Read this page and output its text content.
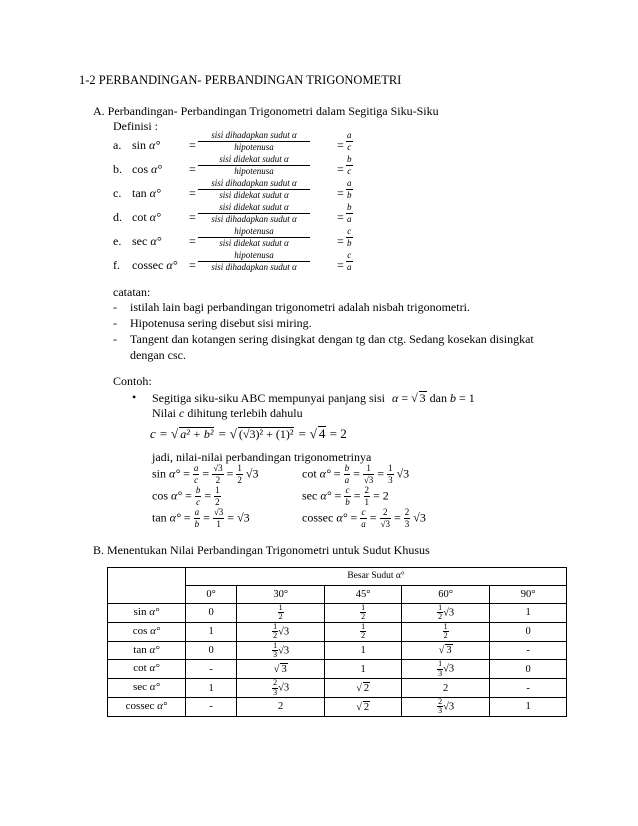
1-2 PERBANDINGAN- PERBANDINGAN TRIGONOMETRI
A. Perbandingan- Perbandingan Trigonometri dalam Segitiga Siku-Siku
Definisi :
a. $\sin \alpha^\circ = \frac{\text{sisi dihadapkan sudut α}}{\text{hipotenusa}} = \frac{a}{c}$
b. $\cos \alpha^\circ = \frac{\text{sisi didekat sudut α}}{\text{hipotenusa}} = \frac{b}{c}$
c. $\tan \alpha^\circ = \frac{\text{sisi dihadapkan sudut α}}{\text{sisi didekat sudut α}} = \frac{a}{b}$
d. $\cot \alpha^\circ = \frac{\text{sisi didekat sudut α}}{\text{sisi dihadapkan sudut α}} = \frac{b}{a}$
e. $\sec \alpha^\circ = \frac{\text{hipotenusa}}{\text{sisi didekat sudut α}} = \frac{c}{b}$
f. cossec $\alpha^\circ = \frac{\text{hipotenusa}}{\text{sisi dihadapkan sudut α}} = \frac{c}{a}$
catatan:
- istilah lain bagi perbandingan trigonometri adalah nisbah trigonometri.
- Hipotenusa sering disebut sisi miring.
- Tangent dan kotangen sering disingkat dengan tg dan ctg. Sedang kosekan disingkat
dengan csc.
Contoh:
• Segitiga siku-siku ABC mempunyai panjang sisi α = √ 3 dan b = 1
Nilai c dihitung terlebih dahulu
c = √ a² + b² = √ (√3)² + (1)² = √ 4 = 2
jadi, nilai-nilai perbandingan trigonometrinya
$\sin \alpha^\circ = \frac{a}{c} = \frac{√3}{2} = \frac{1}{2} √3$	$\cot \alpha^\circ = \frac{b}{a} = \frac{1}{√3} = \frac{1}{3} √3$
$\cos \alpha^\circ = \frac{b}{c} = \frac{1}{2}$	$\sec \alpha^\circ = \frac{c}{b} = \frac{2}{1} = 2$
$\tan \alpha^\circ = \frac{a}{b} = \frac{√3}{1} = √3$	cossec $\alpha^\circ = \frac{c}{a} = \frac{2}{√3} = \frac{2}{3} √3$
B. Menentukan Nilai Perbandingan Trigonometri untuk Sudut Khusus
	Besar Sudut α°				
	0°	30°	45°	60°	90°
sin α°	0	$\frac{1}{2}$	$\frac{1}{2}$	$\frac{1}{2} √3$	1
cos α°	1	$\frac{1}{2} √3$	$\frac{1}{2}$	$\frac{1}{2}$	0
tan α°	0	$\frac{1}{3} √3$	1	√ 3	-
cot α°	-	√ 3	1	$\frac{1}{3} √3$	0
sec α°	1	$\frac{2}{3} √3$	√ 2	2	-
cossec α°	-	2	√ 2	$\frac{2}{3} √3$	1
